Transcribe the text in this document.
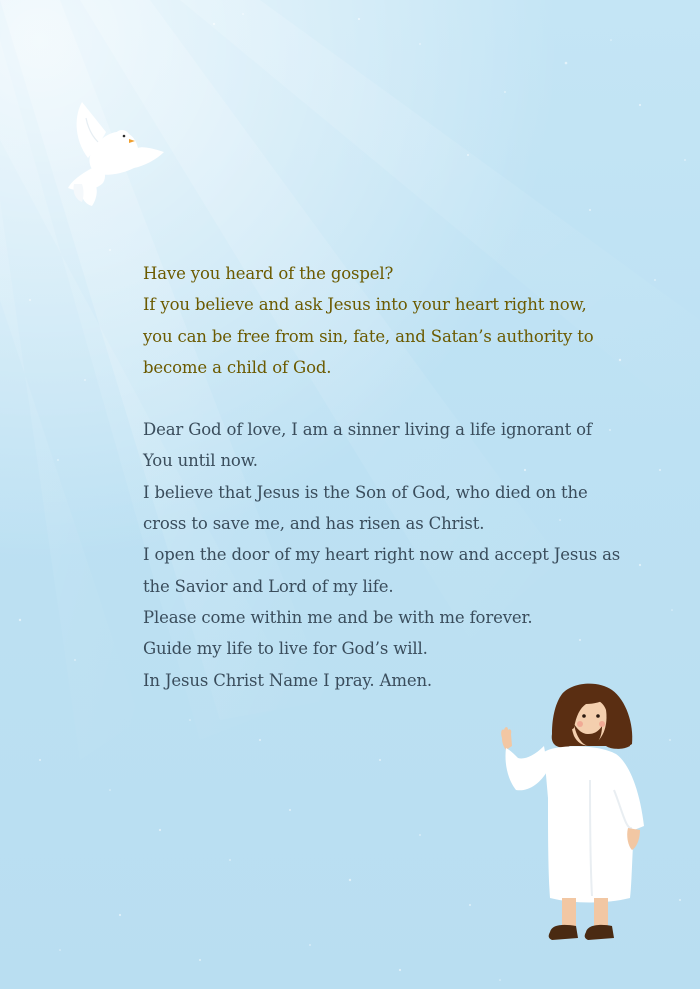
Have you heard of the gospel?
If you believe and ask Jesus into your heart right now,
you can be free from sin, fate, and Satan’s authority to
become a child of God.

Dear God of love, I am a sinner living a life ignorant of
You until now.
I believe that Jesus is the Son of God, who died on the
cross to save me, and has risen as Christ.
I open the door of my heart right now and accept Jesus as
the Savior and Lord of my life.
Please come within me and be with me forever.
Guide my life to live for God’s will.
In Jesus Christ Name I pray. Amen.
